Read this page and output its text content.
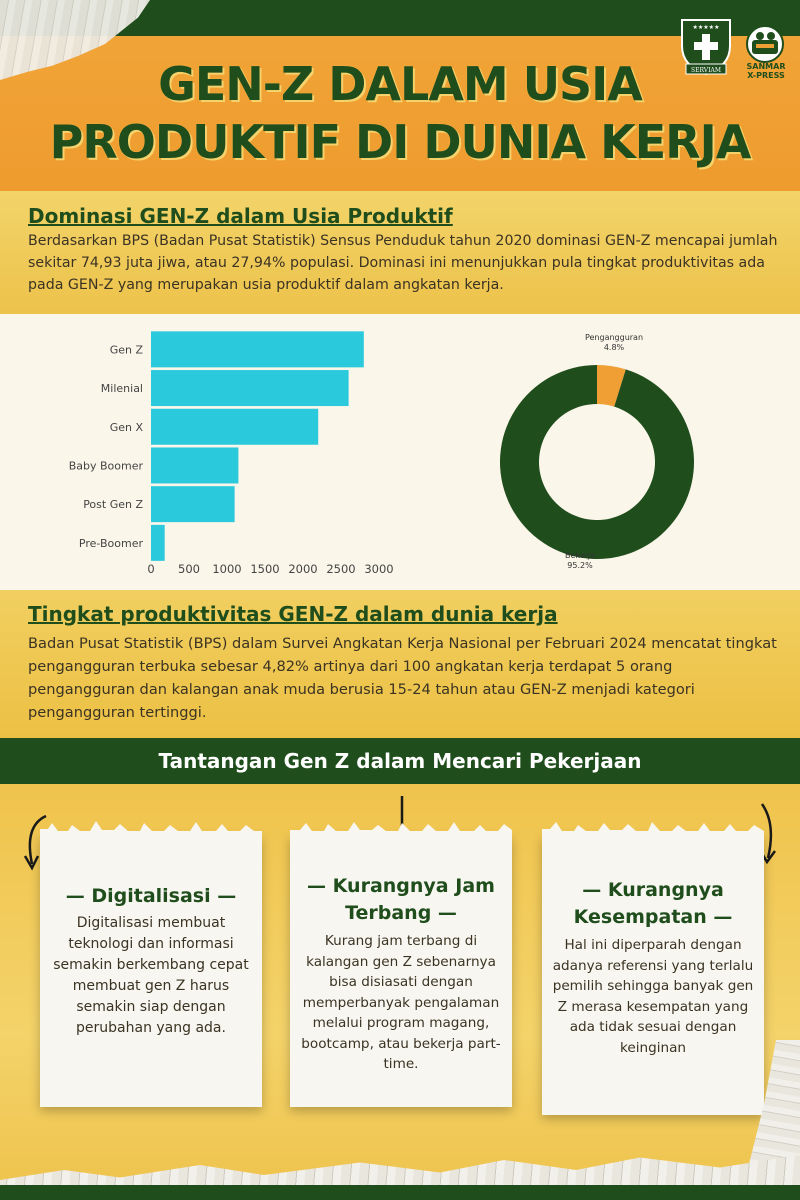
GEN-Z DALAM USIA
PRODUKTIF DI DUNIA KERJA
★★★★★
SERVIAM	SANMAR
X-PRESS
Dominasi GEN-Z dalam Usia Produktif
Berdasarkan BPS (Badan Pusat Statistik) Sensus Penduduk tahun 2020 dominasi GEN-Z mencapai jumlah sekitar 74,93 juta jiwa, atau 27,94% populasi. Dominasi ini menunjukkan pula tingkat produktivitas ada pada GEN-Z yang merupakan usia produktif dalam angkatan kerja.
Gen Z
Milenial
Gen X
Baby Boomer
Post Gen Z
Pre-Boomer
0 500 1000 1500 2000 2500 3000
Pengangguran
4.8%
Bekerja
95.2%
Tingkat produktivitas GEN-Z dalam dunia kerja
Badan Pusat Statistik (BPS) dalam Survei Angkatan Kerja Nasional per Februari 2024 mencatat tingkat pengangguran terbuka sebesar 4,82% artinya dari 100 angkatan kerja terdapat 5 orang pengangguran dan kalangan anak muda berusia 15-24 tahun atau GEN-Z menjadi kategori pengangguran tertinggi.
Tantangan Gen Z dalam Mencari Pekerjaan
— Digitalisasi —
Digitalisasi membuat teknologi dan informasi semakin berkembang cepat membuat gen Z harus semakin siap dengan perubahan yang ada.
— Kurangnya Jam Terbang —
Kurang jam terbang di kalangan gen Z sebenarnya bisa disiasati dengan memperbanyak pengalaman melalui program magang, bootcamp, atau bekerja part-time.
— Kurangnya Kesempatan —
Hal ini diperparah dengan adanya referensi yang terlalu pemilih sehingga banyak gen Z merasa kesempatan yang ada tidak sesuai dengan keinginan
